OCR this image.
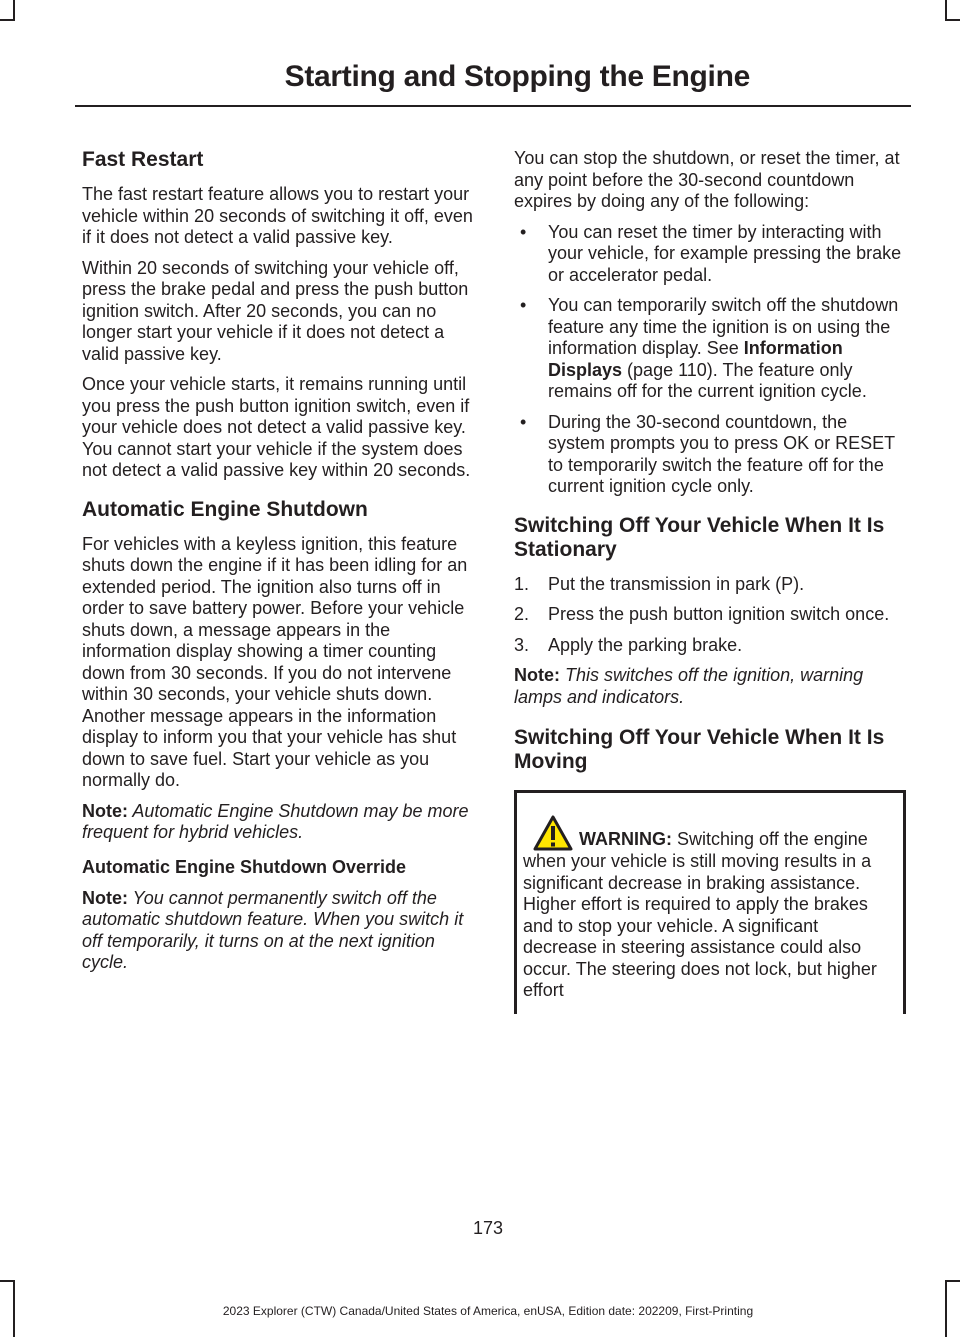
Starting and Stopping the Engine
Fast Restart

The fast restart feature allows you to restart your vehicle within 20 seconds of switching it off, even if it does not detect a valid passive key.

Within 20 seconds of switching your vehicle off, press the brake pedal and press the push button ignition switch. After 20 seconds, you can no longer start your vehicle if it does not detect a valid passive key.

Once your vehicle starts, it remains running until you press the push button ignition switch, even if your vehicle does not detect a valid passive key. You cannot start your vehicle if the system does not detect a valid passive key within 20 seconds.

Automatic Engine Shutdown

For vehicles with a keyless ignition, this feature shuts down the engine if it has been idling for an extended period. The ignition also turns off in order to save battery power. Before your vehicle shuts down, a message appears in the information display showing a timer counting down from 30 seconds. If you do not intervene within 30 seconds, your vehicle shuts down. Another message appears in the information display to inform you that your vehicle has shut down to save fuel. Start your vehicle as you normally do.

Note: Automatic Engine Shutdown may be more frequent for hybrid vehicles.

Automatic Engine Shutdown Override

Note: You cannot permanently switch off the automatic shutdown feature. When you switch it off temporarily, it turns on at the next ignition cycle.

You can stop the shutdown, or reset the timer, at any point before the 30-second countdown expires by doing any of the following:

• You can reset the timer by interacting with your vehicle, for example pressing the brake or accelerator pedal.
• You can temporarily switch off the shutdown feature any time the ignition is on using the information display. See Information Displays (page 110). The feature only remains off for the current ignition cycle.
• During the 30-second countdown, the system prompts you to press OK or RESET to temporarily switch the feature off for the current ignition cycle only.
Switching Off Your Vehicle When It Is Stationary
1. Put the transmission in park (P).
2. Press the push button ignition switch once.
3. Apply the parking brake.

Note: This switches off the ignition, warning lamps and indicators.

Switching Off Your Vehicle When It Is Moving

WARNING: Switching off the engine when your vehicle is still moving results in a significant decrease in braking assistance. Higher effort is required to apply the brakes and to stop your vehicle. A significant decrease in steering assistance could also occur. The steering does not lock, but higher effort

173
2023 Explorer (CTW) Canada/United States of America, enUSA, Edition date: 202209, First-Printing
